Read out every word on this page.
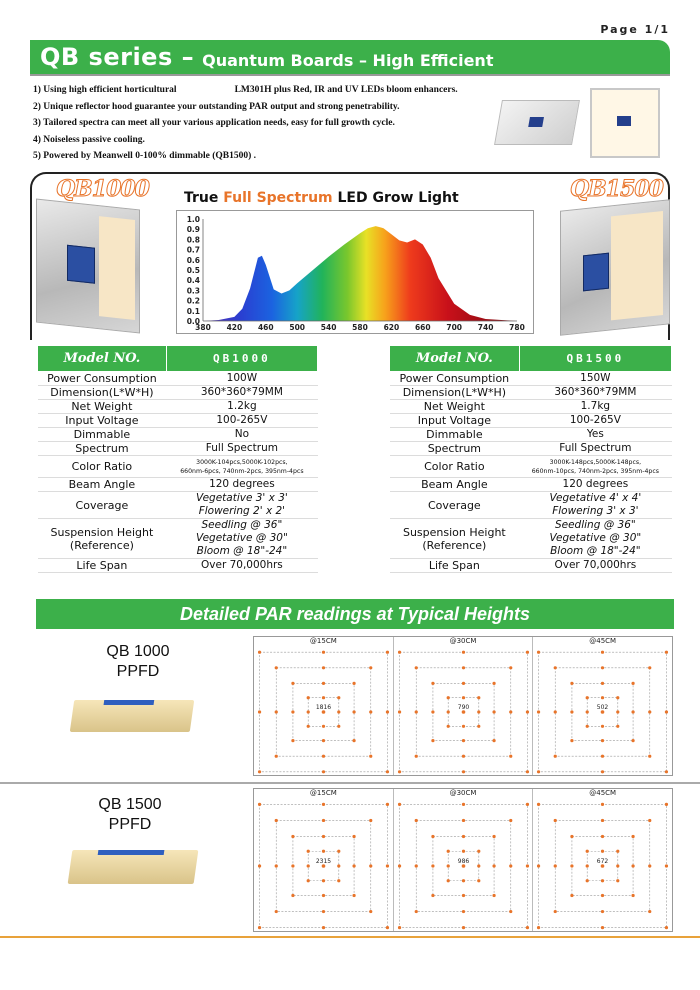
Page 1/1
QB series – Quantum Boards – High Efficient
1) Using high efficient horticultural	LM301H plus Red, IR and UV LEDs bloom enhancers.
2) Unique reflector hood guarantee your outstanding PAR output and strong penetrability.
3) Tailored spectra can meet all your various application needs, easy for full growth cycle.
4) Noiseless passive cooling.
5) Powered by Meanwell 0-100% dimmable (QB1500) .
QB1000	QB1500
True Full Spectrum LED Grow Light
0.0
0.1
0.2
0.3
0.4
0.5
0.6
0.7
0.8
0.9
1.0
380 420 460 500 540 580 620 660 700 740 780
Model NO.	QB1000
Power Consumption	100W
Dimension(L*W*H)	360*360*79MM
Net Weight	1.2kg
Input Voltage	100-265V
Dimmable	No
Spectrum	Full Spectrum
Color Ratio	3000K-104pcs,5000K-102pcs,
660nm-6pcs, 740nm-2pcs, 395nm-4pcs
Beam Angle	120 degrees
Coverage	Vegetative 3' x 3'
Flowering 2' x 2'
Suspension Height
(Reference)	Seedling @ 36"
Vegetative @ 30"
Bloom @ 18"-24"
Life Span	Over 70,000hrs
Model NO.	QB1500
Power Consumption	150W
Dimension(L*W*H)	360*360*79MM
Net Weight	1.7kg
Input Voltage	100-265V
Dimmable	Yes
Spectrum	Full Spectrum
Color Ratio	3000K-148pcs,5000K-148pcs,
660nm-10pcs, 740nm-2pcs, 395nm-4pcs
Beam Angle	120 degrees
Coverage	Vegetative 4' x 4'
Flowering 3' x 3'
Suspension Height
(Reference)	Seedling @ 36"
Vegetative @ 30"
Bloom @ 18"-24"
Life Span	Over 70,000hrs
Detailed PAR readings at Typical Heights
QB 1000
PPFD
QB 1500
PPFD
@15CM
1816
@30CM
790
@45CM
502
@15CM
2315
@30CM
986
@45CM
672
